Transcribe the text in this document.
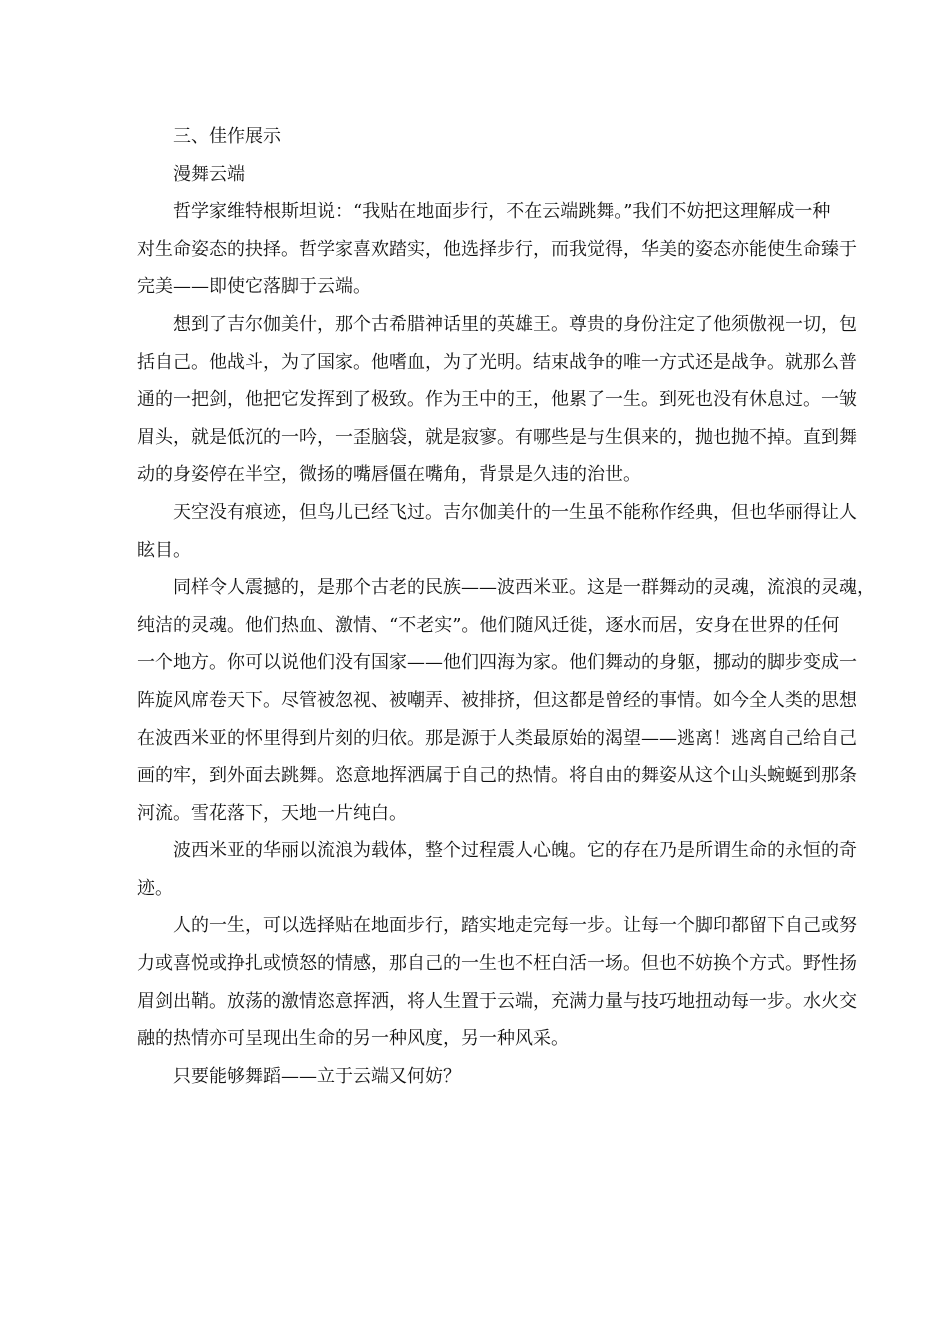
三、佳作展示

漫舞云端

哲学家维特根斯坦说：“我贴在地面步行，不在云端跳舞。”我们不妨把这理解成一种

对生命姿态的抉择。哲学家喜欢踏实，他选择步行，而我觉得，华美的姿态亦能使生命臻于

完美——即使它落脚于云端。

想到了吉尔伽美什，那个古希腊神话里的英雄王。尊贵的身份注定了他须傲视一切，包

括自己。他战斗，为了国家。他嗜血，为了光明。结束战争的唯一方式还是战争。就那么普

通的一把剑，他把它发挥到了极致。作为王中的王，他累了一生。到死也没有休息过。一皱

眉头，就是低沉的一吟，一歪脑袋，就是寂寥。有哪些是与生俱来的，抛也抛不掉。直到舞

动的身姿停在半空，微扬的嘴唇僵在嘴角，背景是久违的治世。

天空没有痕迹，但鸟儿已经飞过。吉尔伽美什的一生虽不能称作经典，但也华丽得让人

眩目。

同样令人震撼的，是那个古老的民族——波西米亚。这是一群舞动的灵魂，流浪的灵魂，

纯洁的灵魂。他们热血、激情、“不老实”。他们随风迁徙，逐水而居，安身在世界的任何

一个地方。你可以说他们没有国家——他们四海为家。他们舞动的身躯，挪动的脚步变成一

阵旋风席卷天下。尽管被忽视、被嘲弄、被排挤，但这都是曾经的事情。如今全人类的思想

在波西米亚的怀里得到片刻的归依。那是源于人类最原始的渴望——逃离！逃离自己给自己

画的牢，到外面去跳舞。恣意地挥洒属于自己的热情。将自由的舞姿从这个山头蜿蜒到那条

河流。雪花落下，天地一片纯白。

波西米亚的华丽以流浪为载体，整个过程震人心魄。它的存在乃是所谓生命的永恒的奇

迹。

人的一生，可以选择贴在地面步行，踏实地走完每一步。让每一个脚印都留下自己或努

力或喜悦或挣扎或愤怒的情感，那自己的一生也不枉白活一场。但也不妨换个方式。野性扬

眉剑出鞘。放荡的激情恣意挥洒，将人生置于云端，充满力量与技巧地扭动每一步。水火交

融的热情亦可呈现出生命的另一种风度，另一种风采。

只要能够舞蹈——立于云端又何妨？
